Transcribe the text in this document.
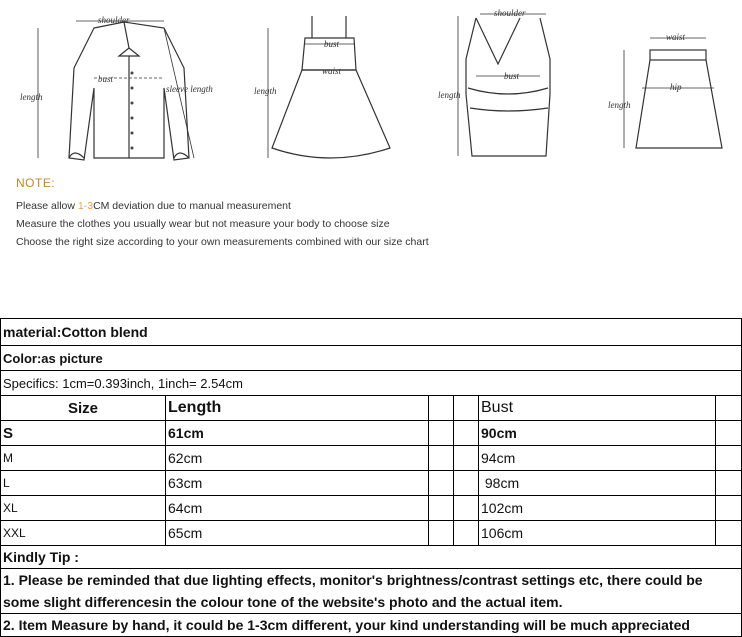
shoulder
bust
sleeve length
length
bust
waist
length
shoulder
bust
length
waist
hip
length
NOTE:
Please allow 1-3CM deviation due to manual measurement
Measure the clothes you usually wear but not measure your body to choose size
Choose the right size according to your own measurements combined with our size chart
material:Cotton blend					
Color:as picture					
Specifics: 1cm=0.393inch, 1inch= 2.54cm					
Size	Length			Bust	
S	61cm			90cm	
M	62cm			94cm	
L	63cm			98cm	
XL	64cm			102cm	
XXL	65cm			106cm	
Kindly Tip :					
1. Please be reminded that due lighting effects, monitor's brightness/contrast settings etc, there could be					
some slight differencesin the colour tone of the website's photo and the actual item.					
2. Item Measure by hand, it could be 1-3cm different, your kind understanding will be much appreciated					
